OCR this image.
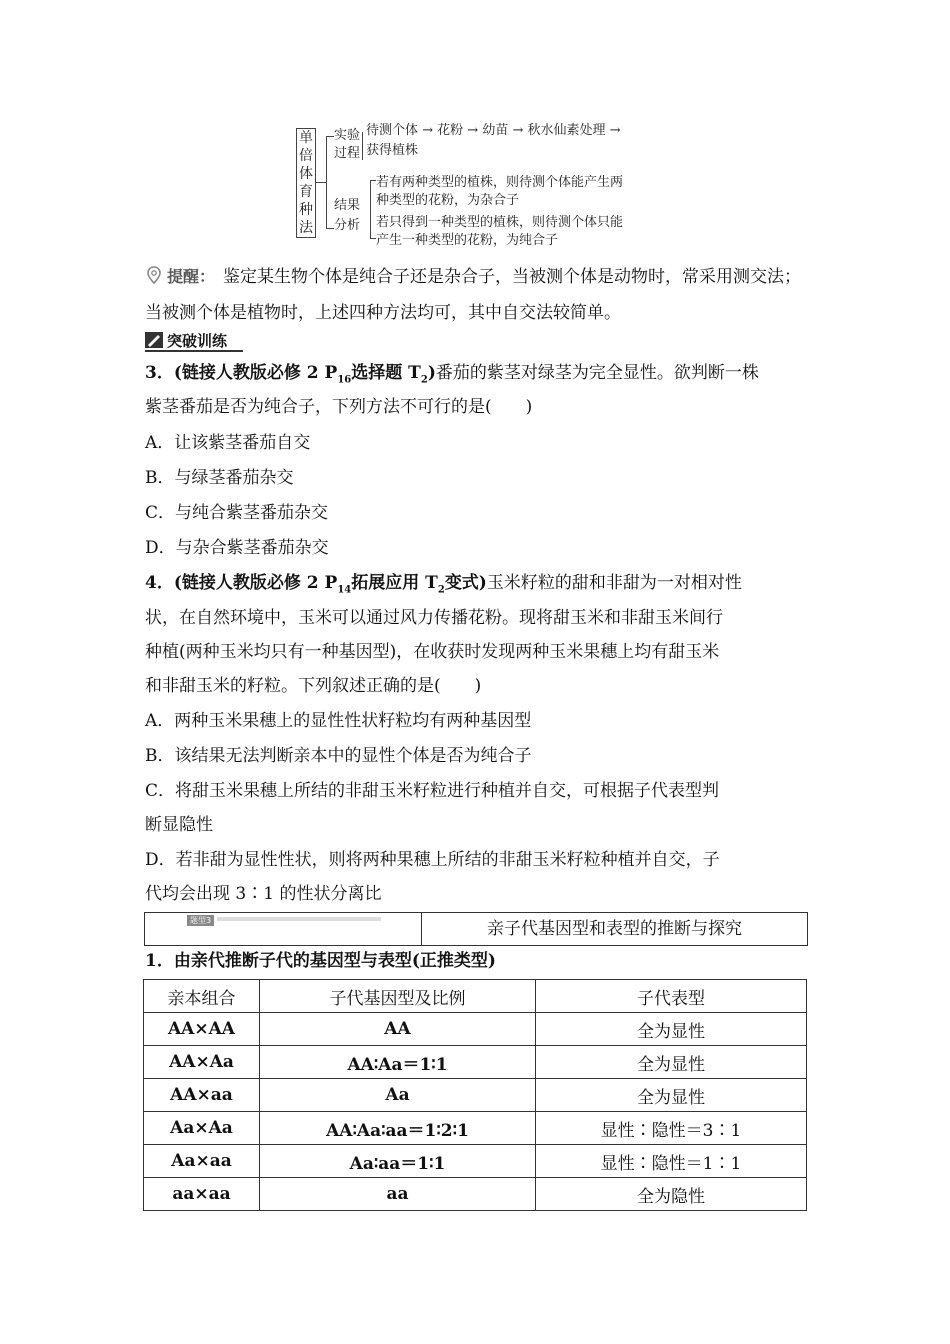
单
倍
体
育
种
法
实验
过程
待测个体 → 花粉 → 幼苗 → 秋水仙素处理 →
获得植株
结果
分析
若有两种类型的植株，则待测个体能产生两
种类型的花粉，为杂合子
若只得到一种类型的植株，则待测个体只能
产生一种类型的花粉，为纯合子
提醒： 鉴定某生物个体是纯合子还是杂合子，当被测个体是动物时，常采用测交法；当被测个体是植物时，上述四种方法均可，其中自交法较简单。
突破训练
3．(链接人教版必修 2 $P_{16}$选择题 $T_2$)番茄的紫茎对绿茎为完全显性。欲判断一株
紫茎番茄是否为纯合子，下列方法不可行的是(　　)
A．让该紫茎番茄自交
B．与绿茎番茄杂交
C．与纯合紫茎番茄杂交
D．与杂合紫茎番茄杂交
4．(链接人教版必修 2 $P_{14}$拓展应用 $T_2$变式)玉米籽粒的甜和非甜为一对相对性
状，在自然环境中，玉米可以通过风力传播花粉。现将甜玉米和非甜玉米间行
种植(两种玉米均只有一种基因型)，在收获时发现两种玉米果穗上均有甜玉米
和非甜玉米的籽粒。下列叙述正确的是(　　)
A．两种玉米果穗上的显性性状籽粒均有两种基因型
B．该结果无法判断亲本中的显性个体是否为纯合子
C．将甜玉米果穗上所结的非甜玉米籽粒进行种植并自交，可根据子代表型判
断显隐性
D．若非甜为显性性状，则将两种果穗上所结的非甜玉米籽粒种植并自交，子
代均会出现 3∶1 的性状分离比
题型3	亲子代基因型和表型的推断与探究
1．由亲代推断子代的基因型与表型(正推类型)
亲本组合	子代基因型及比例	子代表型
AA×AA	AA	全为显性
AA×Aa	AA∶Aa＝1∶1	全为显性
AA×aa	Aa	全为显性
Aa×Aa	AA∶Aa∶aa＝1∶2∶1	显性∶隐性＝3∶1
Aa×aa	Aa∶aa＝1∶1	显性∶隐性＝1∶1
aa×aa	aa	全为隐性
